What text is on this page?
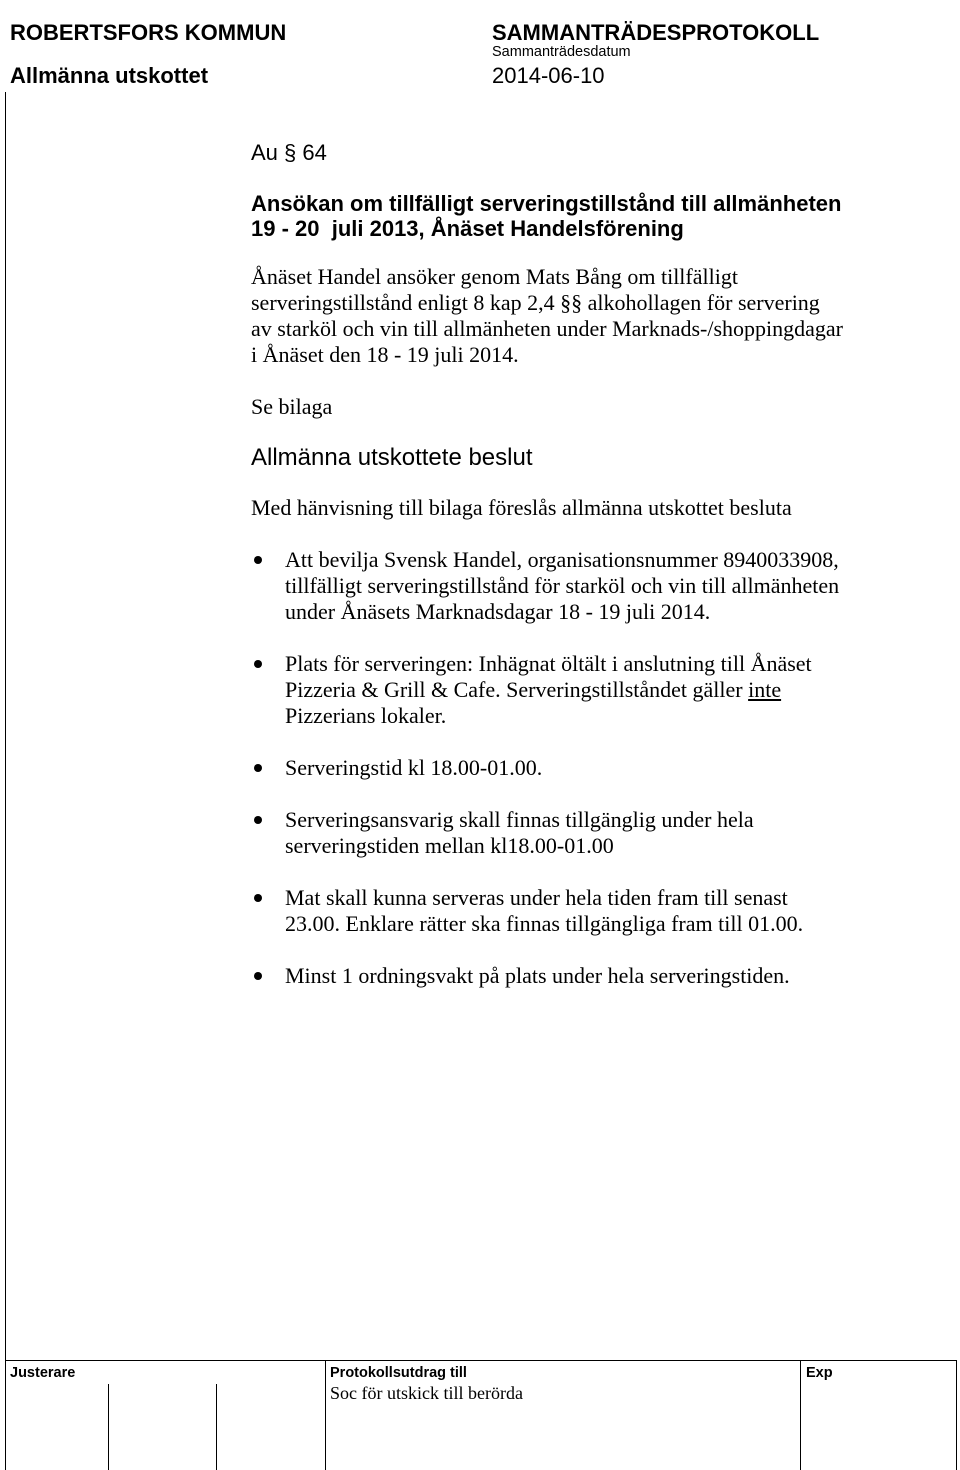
ROBERTSFORS KOMMUN	SAMMANTRÄDESPROTOKOLL
Sammanträdesdatum
Allmänna utskottet	2014-06-10
Au § 64
Ansökan om tillfälligt serveringstillstånd till allmänheten
19 - 20  juli 2013, Ånäset Handelsförening
Ånäset Handel ansöker genom Mats Bång om tillfälligt
serveringstillstånd enligt 8 kap 2,4 §§ alkohollagen för servering
av starköl och vin till allmänheten under Marknads-/shoppingdagar
i Ånäset den 18 - 19 juli 2014.
Se bilaga
Allmänna utskottete beslut
Med hänvisning till bilaga föreslås allmänna utskottet besluta
Att bevilja Svensk Handel, organisationsnummer 8940033908,
tillfälligt serveringstillstånd för starköl och vin till allmänheten
under Ånäsets Marknadsdagar 18 - 19 juli 2014.
Plats för serveringen: Inhägnat öltält i anslutning till Ånäset
Pizzeria & Grill & Cafe. Serveringstillståndet gäller inte
Pizzerians lokaler.
Serveringstid kl 18.00-01.00.
Serveringsansvarig skall finnas tillgänglig under hela
serveringstiden mellan kl18.00-01.00
Mat skall kunna serveras under hela tiden fram till senast
23.00. Enklare rätter ska finnas tillgängliga fram till 01.00.
Minst 1 ordningsvakt på plats under hela serveringstiden.
Justerare	Protokollsutdrag till	Exp
Soc för utskick till berörda
